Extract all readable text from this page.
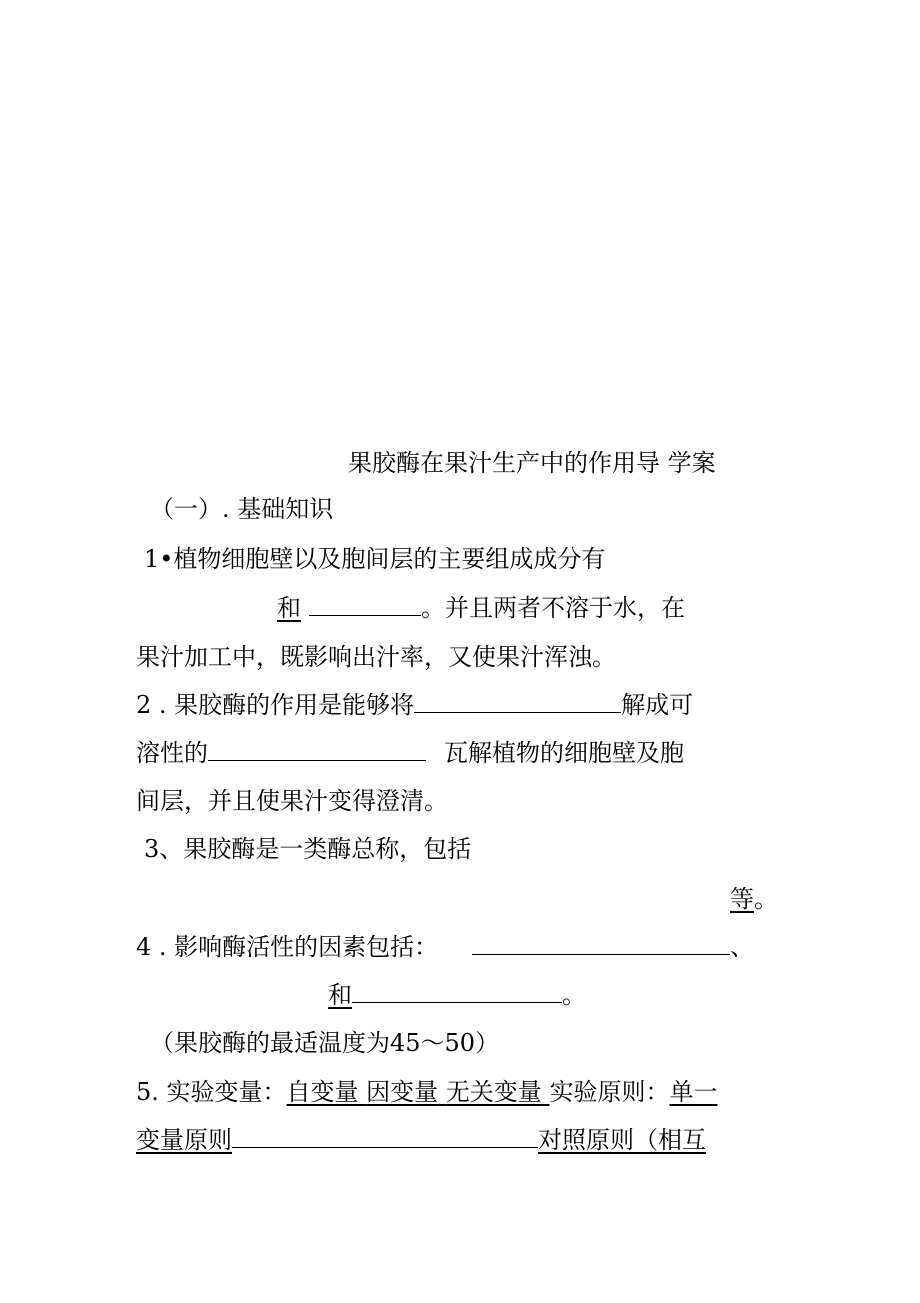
果胶酶在果汁生产中的作用导 学案
（一）. 基础知识
1•植物细胞壁以及胞间层的主要组成成分有
和	。并且两者不溶于水，在
果汁加工中，既影响出汁率，又使果汁浑浊。
2 . 果胶酶的作用是能够将	解成可
溶性的	瓦解植物的细胞壁及胞
间层，并且使果汁变得澄清。
3、果胶酶是一类酶总称，包括
等。
4 . 影响酶活性的因素包括：	、
和	。
（果胶酶的最适温度为45～50）
5. 实验变量：自变量 因变量 无关变量 实验原则：单一
变量原则	对照原则（相互
